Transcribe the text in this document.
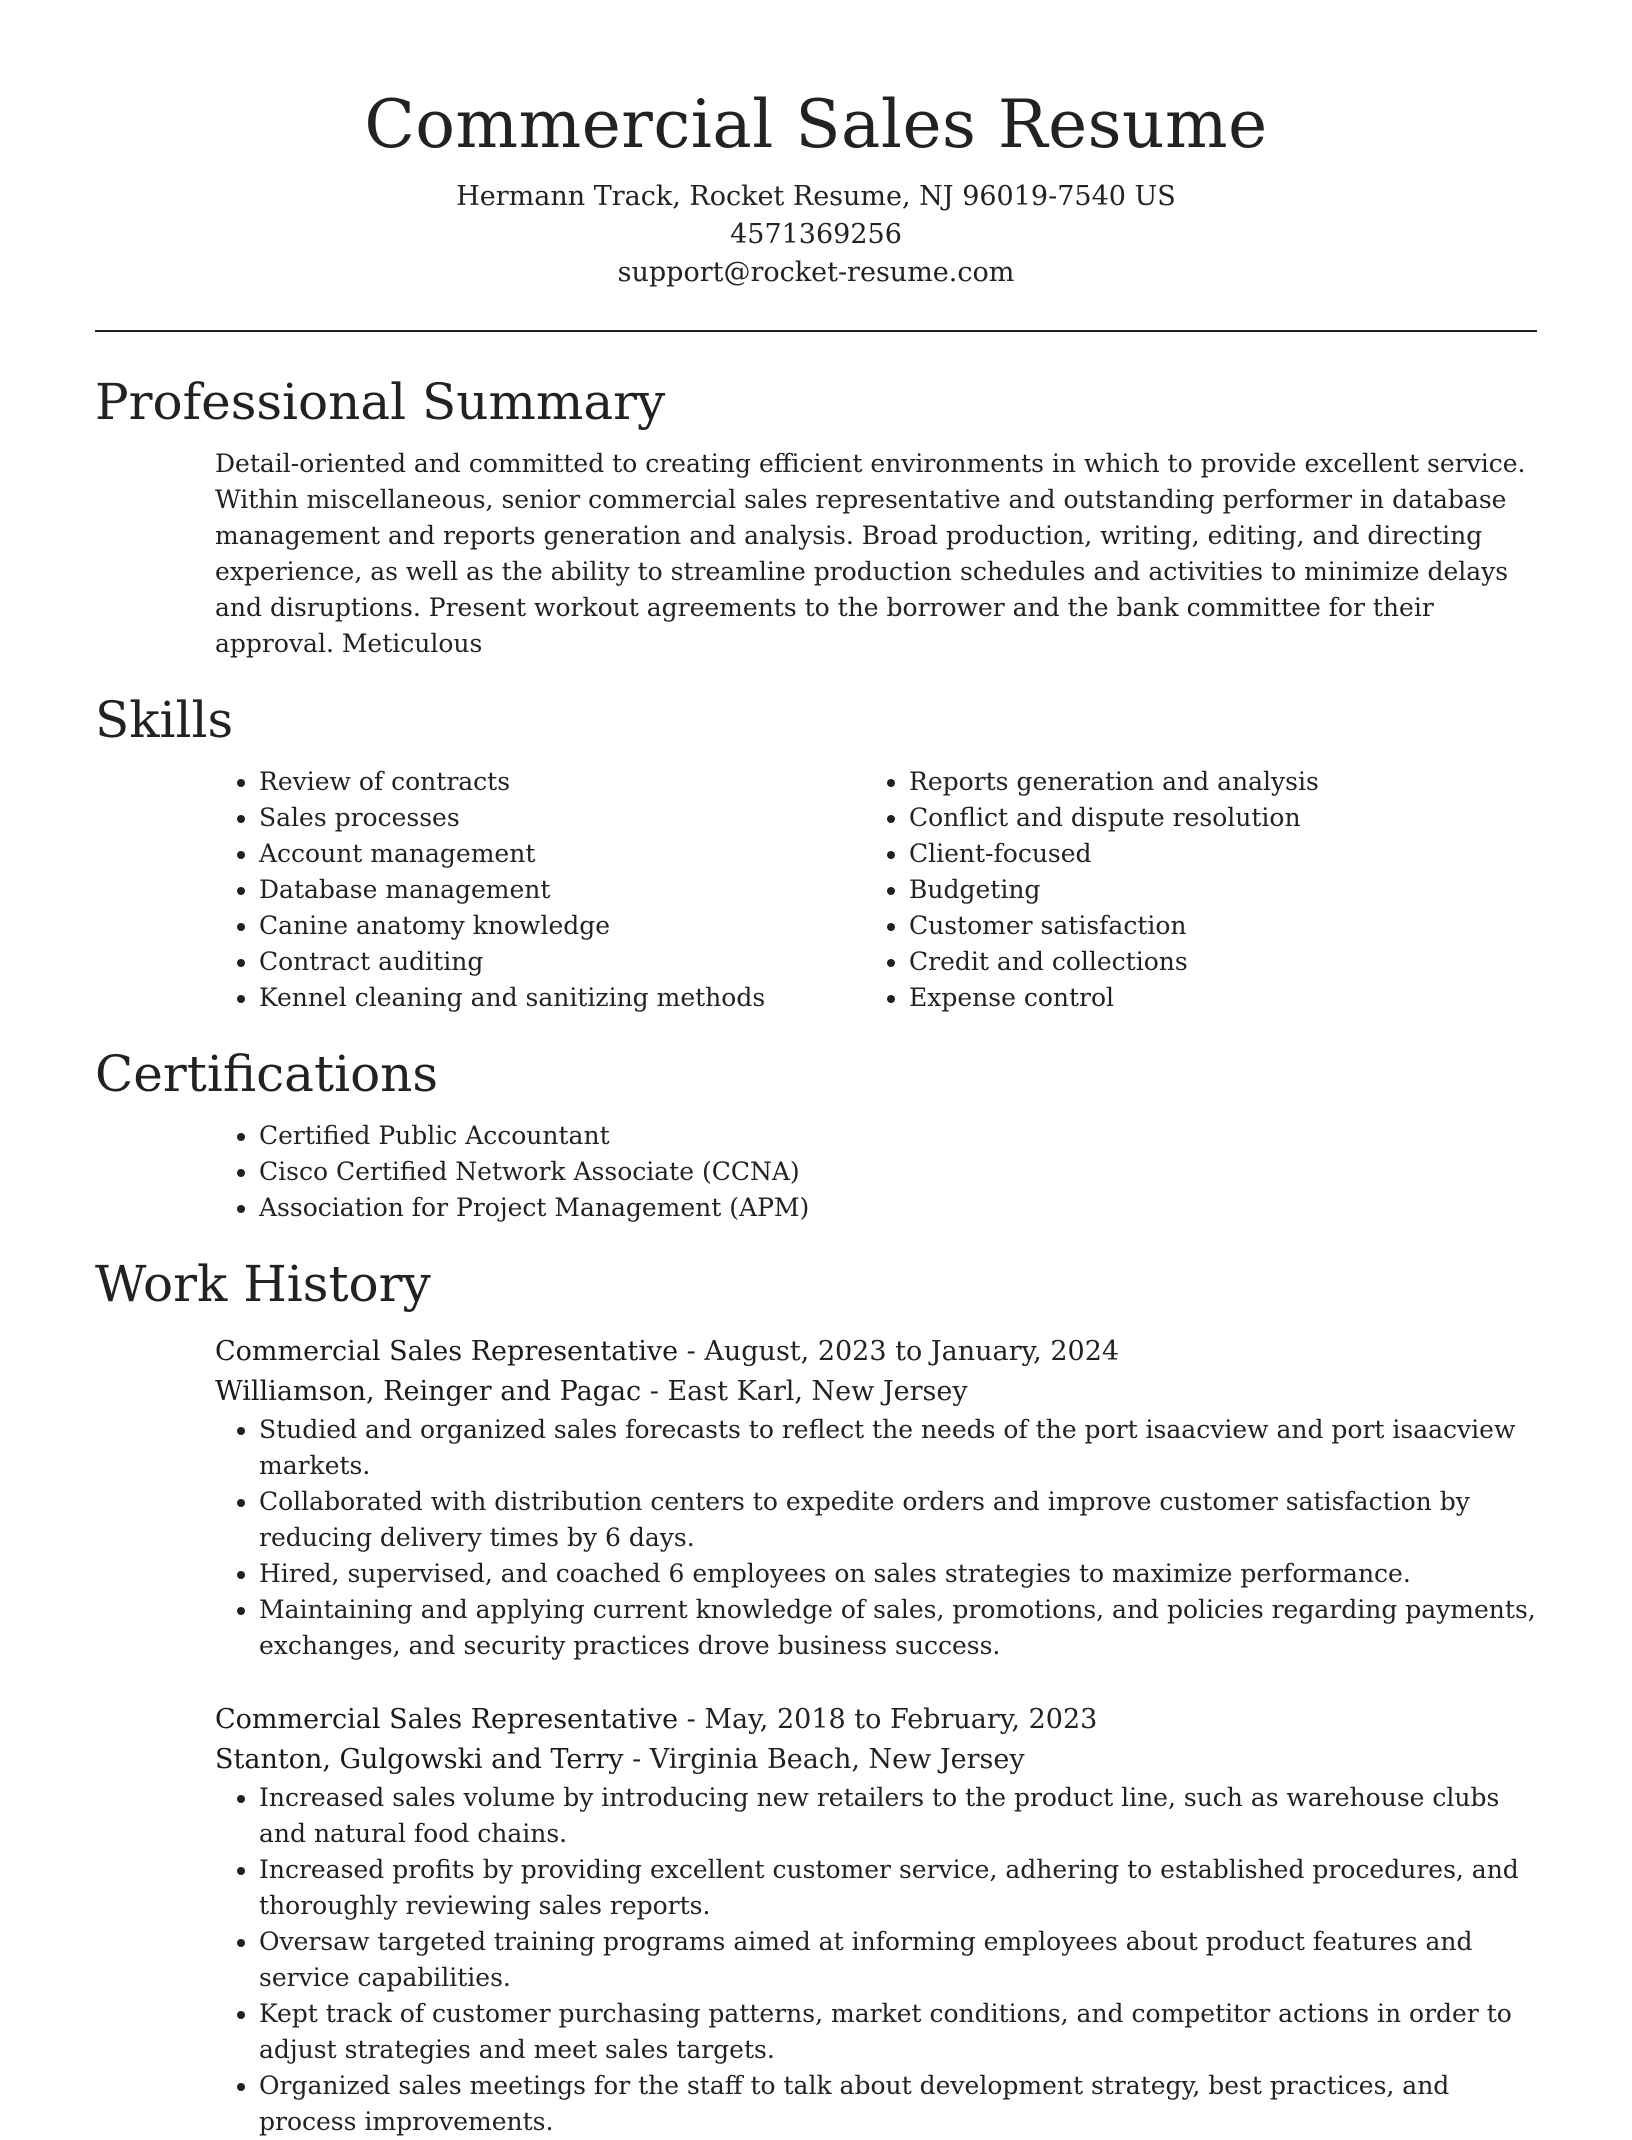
Commercial Sales Resume
Hermann Track, Rocket Resume, NJ 96019-7540 US
4571369256
support@rocket-resume.com
Professional Summary
Detail-oriented and committed to creating efficient environments in which to provide excellent service. Within miscellaneous, senior commercial sales representative and outstanding performer in database management and reports generation and analysis. Broad production, writing, editing, and directing experience, as well as the ability to streamline production schedules and activities to minimize delays and disruptions. Present workout agreements to the borrower and the bank committee for their approval. Meticulous
Skills
• Review of contracts
• Sales processes
• Account management
• Database management
• Canine anatomy knowledge
• Contract auditing
• Kennel cleaning and sanitizing methods
• Reports generation and analysis
• Conflict and dispute resolution
• Client-focused
• Budgeting
• Customer satisfaction
• Credit and collections
• Expense control
Certifications
• Certified Public Accountant
• Cisco Certified Network Associate (CCNA)
• Association for Project Management (APM)
Work History
Commercial Sales Representative - August, 2023 to January, 2024
Williamson, Reinger and Pagac - East Karl, New Jersey
• Studied and organized sales forecasts to reflect the needs of the port isaacview and port isaacview markets.
• Collaborated with distribution centers to expedite orders and improve customer satisfaction by reducing delivery times by 6 days.
• Hired, supervised, and coached 6 employees on sales strategies to maximize performance.
• Maintaining and applying current knowledge of sales, promotions, and policies regarding payments, exchanges, and security practices drove business success.
Commercial Sales Representative - May, 2018 to February, 2023
Stanton, Gulgowski and Terry - Virginia Beach, New Jersey
• Increased sales volume by introducing new retailers to the product line, such as warehouse clubs and natural food chains.
• Increased profits by providing excellent customer service, adhering to established procedures, and thoroughly reviewing sales reports.
• Oversaw targeted training programs aimed at informing employees about product features and service capabilities.
• Kept track of customer purchasing patterns, market conditions, and competitor actions in order to adjust strategies and meet sales targets.
• Organized sales meetings for the staff to talk about development strategy, best practices, and process improvements.
